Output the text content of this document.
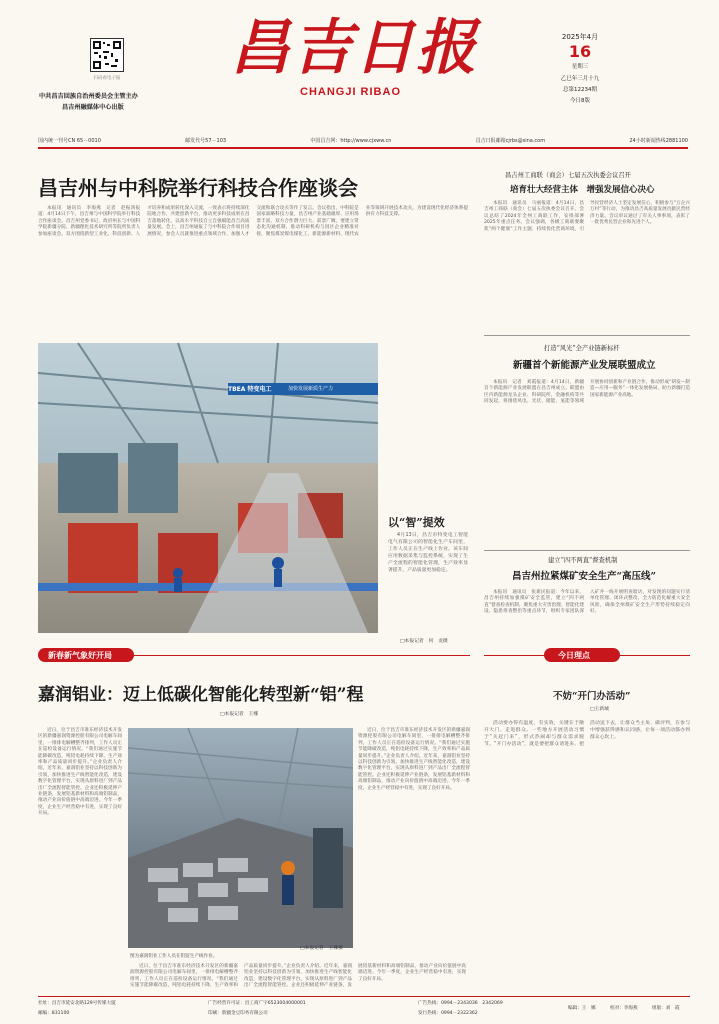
扫码看电子报
中共昌吉回族自治州委员会主管主办
昌吉州融媒体中心出版
昌吉日报
CHANGJI RIBAO
2025年4月
16
星期三
乙巳年三月十九
总第12234期
今日8版
国内统一刊号CN 65－0010	邮发代号57－103	中国昌吉网：http://www.cjxww.cn	昌吉日报邮箱cjrbs@sina.com	24小时新闻热线2881100
昌吉州与中科院举行科技合作座谈会

本报讯　通讯员　李海燕　记者　赵振鸿报道：4月14日下午，昌吉州与中国科学院举行科技合作座谈会。昌吉州党委书记、政府州长与中国科学院新疆分院、新疆理化技术研究所等院所负责人参加座谈会。双方围绕新型工业化、科技创新、人才培养和成果转化深入交流，一致表示将持续深化院地合作，共建创新平台，推动更多科技成果在昌吉落地转化，以高水平科技自立自强赋能昌吉高质量发展。会上，昌吉州通报了与中科院合作项目进展情况，参会人员就推进重点领域合作、加强人才交流和联合攻关等作了发言。会议指出，中科院是国家战略科技力量，昌吉州产业基础雄厚、应用场景丰富，双方合作潜力巨大、前景广阔。要建立常态化沟通机制，推动科研机构与园区企业精准对接，聚焦煤炭煤电煤化工、新能源新材料、现代农业等领域开展技术攻关，为建设现代化经济体系提供有力科技支撑。

TBEA 特变电工	加快发展新质生产力
以“智”提效

4月13日，昌吉市特变电工智能电气有限公司的智能化生产车间里，工作人员正在生产线上作业。该车间应用数据采集与监控系统，实现了生产全流程的智能化管理，生产效率显著提升，产品质量更加稳定。

□本报记者　何　龙摄
昌吉州工商联（商会）七届五次执委会议召开
培育壮大经营主体　增强发展信心决心

本报讯　通讯员　马丽报道：4月14日，昌吉州工商联（商会）七届五次执委会议召开。会议总结了2024年全州工商联工作，安排部署2025年重点任务。会议强调，各级工商联要聚焦“两个健康”工作主题，持续优化营商环境，引导民营经济人士坚定发展信心，积极参与“万企兴万村”等行动，为推动昌吉高质量发展贡献民营经济力量。会议审议通过了有关人事事项，表彰了一批优秀民营企业和先进个人。

打造“风光”全产业链新标杆
新疆首个新能源产业发展联盟成立

本报讯　记者　刘霞报道：4月14日，新疆首个新能源产业发展联盟在昌吉州成立。联盟由区内新能源龙头企业、科研院所、金融机构等共同发起，将围绕风电、光伏、储能、氢能等领域开展协同创新和产业链合作，推动形成“研发—制造—应用—服务”一体化发展格局，助力新疆打造国家新能源产业高地。

建立“四不两直”督查机制
昌吉州拉紧煤矿安全生产“高压线”

本报讯　通讯员　张新民报道：今年以来，昌吉州持续加强煤矿安全监管，建立“四不两直”督查检查机制，聚焦重大灾害治理、智能化建设、隐患排查整治等重点环节，组织专家团队深入矿井一线开展明查暗访，对发现的问题实行清单化管理、闭环式整改，全力防范化解重大安全风险，确保全州煤矿安全生产形势持续稳定向好。

新春新气象好开局	今日理点
嘉润铝业：迈上低碳化智能化转型新“铝”程
□本报记者　王娜

近日，位于昌吉市准东经济技术开发区的新疆嘉润资源控股有限公司电解车间里，一排排电解槽整齐排列，工作人员正在巡检设备运行情况。“我们通过实施节能降碳改造，吨铝电耗持续下降，生产效率和产品质量同步提升。”企业负责人介绍。近年来，嘉润铝业坚持以科技创新为引领，加快推进生产线智能化改造，建设数字化管理平台，实现从原料进厂到产品出厂全流程智能管控。企业还积极延伸产业链条，发展铝基新材料和高端铝制品，推动产业向价值链中高端迈进。今年一季度，企业生产经营稳中有进，实现了良好开局。

图为嘉润铝业工作人员在铝锭生产线作业。
□本报记者　王娜摄

近日，位于昌吉市准东经济技术开发区的新疆嘉润资源控股有限公司电解车间里，一排排电解槽整齐排列，工作人员正在巡检设备运行情况。“我们通过实施节能降碳改造，吨铝电耗持续下降，生产效率和产品质量同步提升。”企业负责人介绍。近年来，嘉润铝业坚持以科技创新为引领，加快推进生产线智能化改造，建设数字化管理平台，实现从原料进厂到产品出厂全流程智能管控。企业还积极延伸产业链条，发展铝基新材料和高端铝制品，推动产业向价值链中高端迈进。今年一季度，企业生产经营稳中有进，实现了良好开局。

近日，位于昌吉市准东经济技术开发区的新疆嘉润资源控股有限公司电解车间里，一排排电解槽整齐排列，工作人员正在巡检设备运行情况。“我们通过实施节能降碳改造，吨铝电耗持续下降，生产效率和产品质量同步提升。”企业负责人介绍。近年来，嘉润铝业坚持以科技创新为引领，加快推进生产线智能化改造，建设数字化管理平台，实现从原料进厂到产品出厂全流程智能管控。企业还积极延伸产业链条，发展铝基新材料和高端铝制品，推动产业向价值链中高端迈进。今年一季度，企业生产经营稳中有进，实现了良好开局。

不妨“开门办活动”
□王新城

活动要办得有温度、有实效，关键在于敞开大门、走进群众。一些地方开展活动习惯于“关起门来”，形式热闹却与群众需求脱节。“开门办活动”，就是要把群众请进来、把活动送下去，让群众当主角、做评判，在参与中增强获得感和认同感，让每一项活动都办到群众心坎上。

社址：昌吉市延安北路129号传媒大厦
邮编：831100
广告经营许可证：昌工商广字6523004000001
印刷：新疆金豆印务有限公司
广告热线：0994－2343036　2342069
发行热线：0994－2322362
编辑：王　娜	校对：李海燕	组版：刘　霞
